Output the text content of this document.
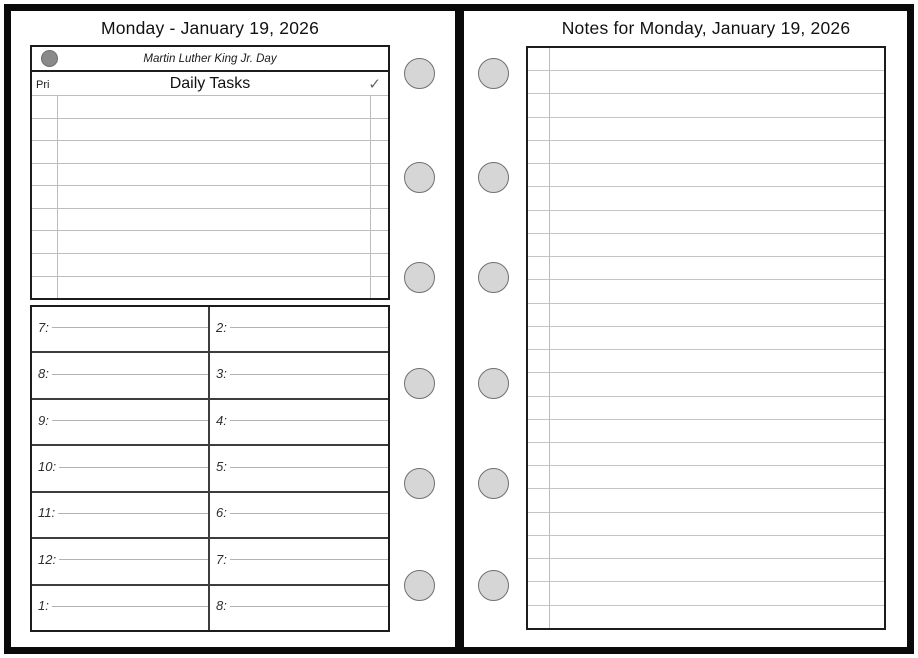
Monday - January 19, 2026
Martin Luther King Jr. Day
Pri	Daily Tasks	✓
7:	2:
8:	3:
9:	4:
10:	5:
11:	6:
12:	7:
1:	8:
Notes for Monday, January 19, 2026
